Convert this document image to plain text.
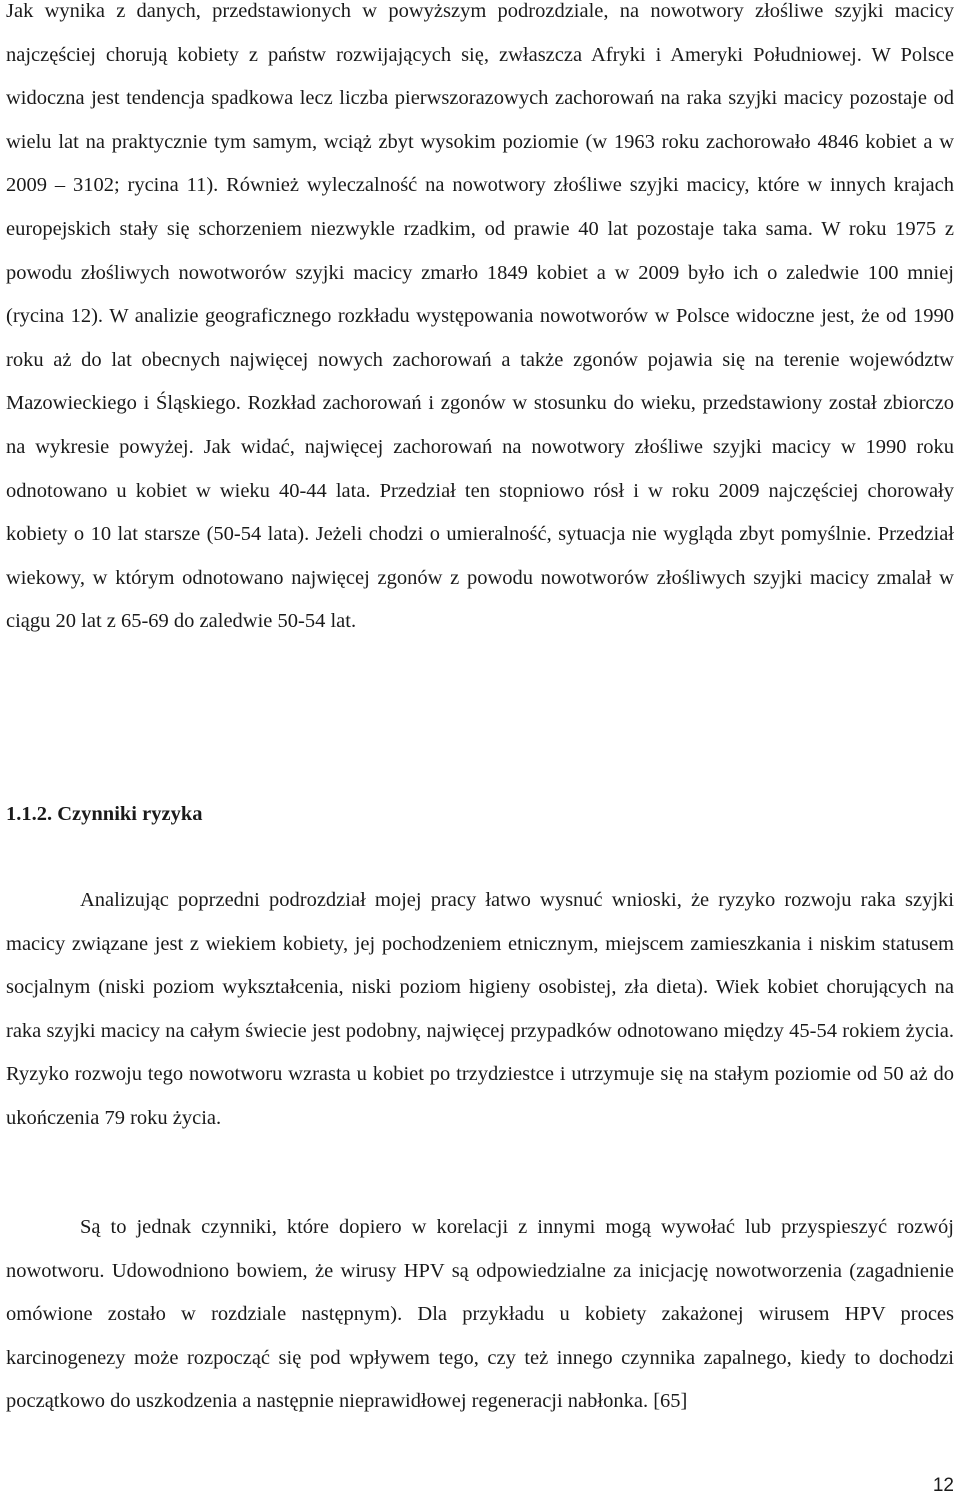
Jak wynika z danych, przedstawionych w powyższym podrozdziale, na nowotwory złośliwe szyjki macicy najczęściej chorują kobiety z państw rozwijających się, zwłaszcza Afryki i Ameryki Południowej. W Polsce widoczna jest tendencja spadkowa lecz liczba pierwszorazowych zachorowań na raka szyjki macicy pozostaje od wielu lat na praktycznie tym samym, wciąż zbyt wysokim poziomie (w 1963 roku zachorowało 4846 kobiet a w 2009 – 3102; rycina 11). Również wyleczalność na nowotwory złośliwe szyjki macicy, które w innych krajach europejskich stały się schorzeniem niezwykle rzadkim, od prawie 40 lat pozostaje taka sama. W roku 1975 z powodu złośliwych nowotworów szyjki macicy zmarło 1849 kobiet a w 2009 było ich o zaledwie 100 mniej (rycina 12). W analizie geograficznego rozkładu występowania nowotworów w Polsce widoczne jest, że od 1990 roku aż do lat obecnych najwięcej nowych zachorowań a także zgonów pojawia się na terenie województw Mazowieckiego i Śląskiego. Rozkład zachorowań i zgonów w stosunku do wieku, przedstawiony został zbiorczo na wykresie powyżej. Jak widać, najwięcej zachorowań na nowotwory złośliwe szyjki macicy w 1990 roku odnotowano u kobiet w wieku 40-44 lata. Przedział ten stopniowo rósł i w roku 2009 najczęściej chorowały kobiety o 10 lat starsze (50-54 lata). Jeżeli chodzi o umieralność, sytuacja nie wygląda zbyt pomyślnie. Przedział wiekowy, w którym odnotowano najwięcej zgonów z powodu nowotworów złośliwych szyjki macicy zmalał w ciągu 20 lat z 65-69 do zaledwie 50-54 lat.

1.1.2. Czynniki ryzyka

Analizując poprzedni podrozdział mojej pracy łatwo wysnuć wnioski, że ryzyko rozwoju raka szyjki macicy związane jest z wiekiem kobiety, jej pochodzeniem etnicznym, miejscem zamieszkania i niskim statusem socjalnym (niski poziom wykształcenia, niski poziom higieny osobistej, zła dieta). Wiek kobiet chorujących na raka szyjki macicy na całym świecie jest podobny, najwięcej przypadków odnotowano między 45-54 rokiem życia. Ryzyko rozwoju tego nowotworu wzrasta u kobiet po trzydziestce i utrzymuje się na stałym poziomie od 50 aż do ukończenia 79 roku życia.

Są to jednak czynniki, które dopiero w korelacji z innymi mogą wywołać lub przyspieszyć rozwój nowotworu. Udowodniono bowiem, że wirusy HPV są odpowiedzialne za inicjację nowotworzenia (zagadnienie omówione zostało w rozdziale następnym). Dla przykładu u kobiety zakażonej wirusem HPV proces karcinogenezy może rozpocząć się pod wpływem tego, czy też innego czynnika zapalnego, kiedy to dochodzi początkowo do uszkodzenia a następnie nieprawidłowej regeneracji nabłonka. [65]

12
